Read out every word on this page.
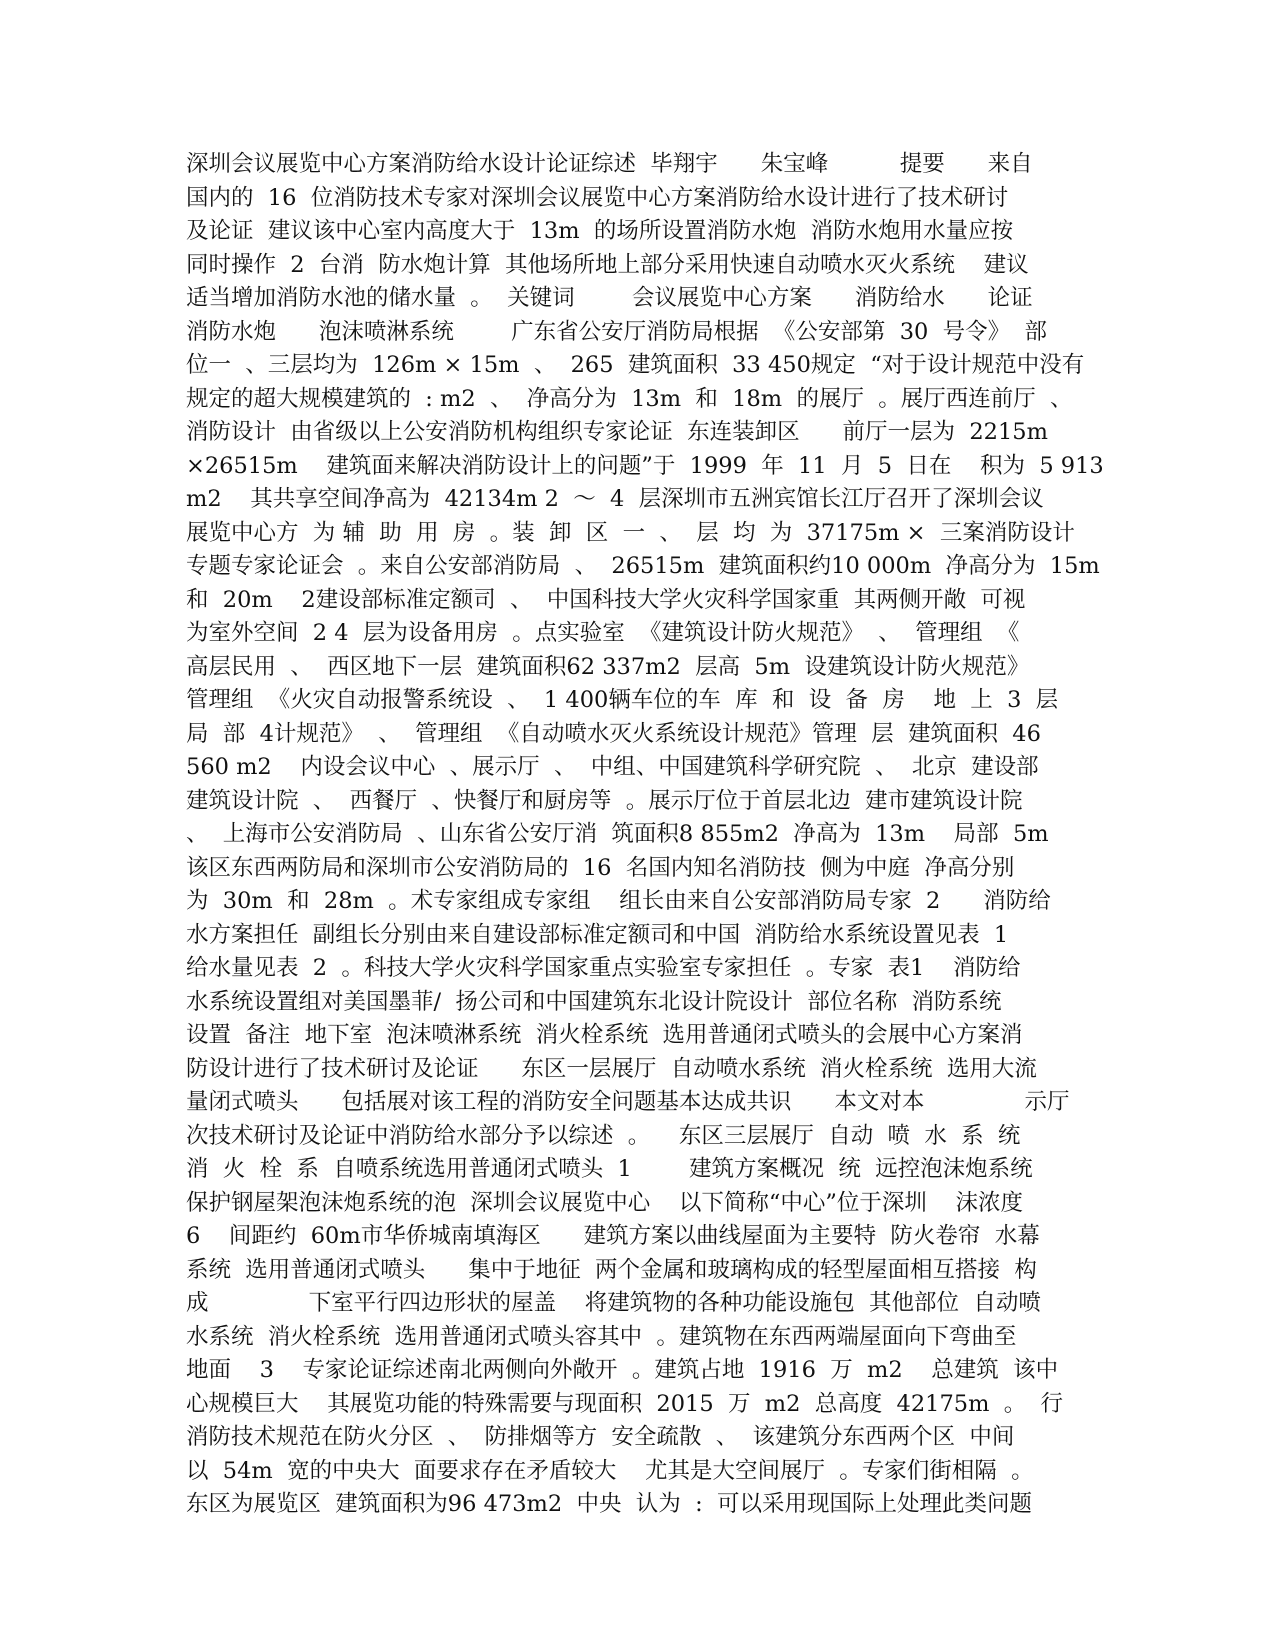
深圳会议展览中心方案消防给水设计论证综述  毕翔宇      朱宝峰          提要      来自
国内的  16  位消防技术专家对深圳会议展览中心方案消防给水设计进行了技术研讨
及论证  建议该中心室内高度大于  13m  的场所设置消防水炮  消防水炮用水量应按
同时操作  2  台消  防水炮计算  其他场所地上部分采用快速自动喷水灭火系统    建议
适当增加消防水池的储水量  。  关键词        会议展览中心方案      消防给水      论证
消防水炮      泡沫喷淋系统        广东省公安厅消防局根据  《公安部第  30  号令》  部
位一  、三层均为  126m × 15m  、  265  建筑面积  33 450规定  “对于设计规范中没有
规定的超大规模建筑的  : m2  、  净高分为  13m  和  18m  的展厅  。展厅西连前厅  、
消防设计  由省级以上公安消防机构组织专家论证  东连装卸区      前厅一层为  2215m
×26515m    建筑面来解决消防设计上的问题”于  1999  年  11  月  5  日在    积为  5 913
m2    其共享空间净高为  42134m 2  ～  4  层深圳市五洲宾馆长江厅召开了深圳会议
展览中心方  为 辅  助  用  房  。装  卸  区  一  、  层  均  为  37175m ×  三案消防设计
专题专家论证会  。来自公安部消防局  、  26515m  建筑面积约10 000m  净高分为  15m
和  20m    2建设部标准定额司  、  中国科技大学火灾科学国家重  其两侧开敞  可视
为室外空间  2 4  层为设备用房  。点实验室  《建筑设计防火规范》  、  管理组  《
高层民用  、  西区地下一层  建筑面积62 337m2  层高  5m  设建筑设计防火规范》
管理组  《火灾自动报警系统设  、  1 400辆车位的车  库  和  设  备  房    地  上  3  层
局  部  4计规范》  、  管理组  《自动喷水灭火系统设计规范》管理  层  建筑面积  46
560 m2    内设会议中心  、展示厅  、  中组、中国建筑科学研究院  、  北京  建设部
建筑设计院  、  西餐厅  、快餐厅和厨房等  。展示厅位于首层北边  建市建筑设计院
、  上海市公安消防局  、山东省公安厅消  筑面积8 855m2  净高为  13m    局部  5m
该区东西两防局和深圳市公安消防局的  16  名国内知名消防技  侧为中庭  净高分别
为  30m  和  28m  。术专家组成专家组    组长由来自公安部消防局专家  2      消防给
水方案担任  副组长分别由来自建设部标准定额司和中国  消防给水系统设置见表  1
给水量见表  2  。科技大学火灾科学国家重点实验室专家担任  。专家  表1    消防给
水系统设置组对美国墨菲/  扬公司和中国建筑东北设计院设计  部位名称  消防系统
设置  备注  地下室  泡沫喷淋系统  消火栓系统  选用普通闭式喷头的会展中心方案消
防设计进行了技术研讨及论证      东区一层展厅  自动喷水系统  消火栓系统  选用大流
量闭式喷头      包括展对该工程的消防安全问题基本达成共识      本文对本              示厅
次技术研讨及论证中消防给水部分予以综述  。    东区三层展厅  自动  喷  水  系  统
消  火  栓  系  自喷系统选用普通闭式喷头  1        建筑方案概况  统  远控泡沫炮系统
保护钢屋架泡沫炮系统的泡  深圳会议展览中心    以下简称“中心”位于深圳    沫浓度
6    间距约  60m市华侨城南填海区      建筑方案以曲线屋面为主要特  防火卷帘  水幕
系统  选用普通闭式喷头      集中于地征  两个金属和玻璃构成的轻型屋面相互搭接  构
成              下室平行四边形状的屋盖    将建筑物的各种功能设施包  其他部位  自动喷
水系统  消火栓系统  选用普通闭式喷头容其中  。建筑物在东西两端屋面向下弯曲至
地面    3    专家论证综述南北两侧向外敞开  。建筑占地  1916  万  m2    总建筑  该中
心规模巨大    其展览功能的特殊需要与现面积  2015  万  m2  总高度  42175m  。  行
消防技术规范在防火分区  、  防排烟等方  安全疏散  、  该建筑分东西两个区  中间
以  54m  宽的中央大  面要求存在矛盾较大    尤其是大空间展厅  。专家们街相隔  。
东区为展览区  建筑面积为96 473m2  中央  认为  :  可以采用现国际上处理此类问题
